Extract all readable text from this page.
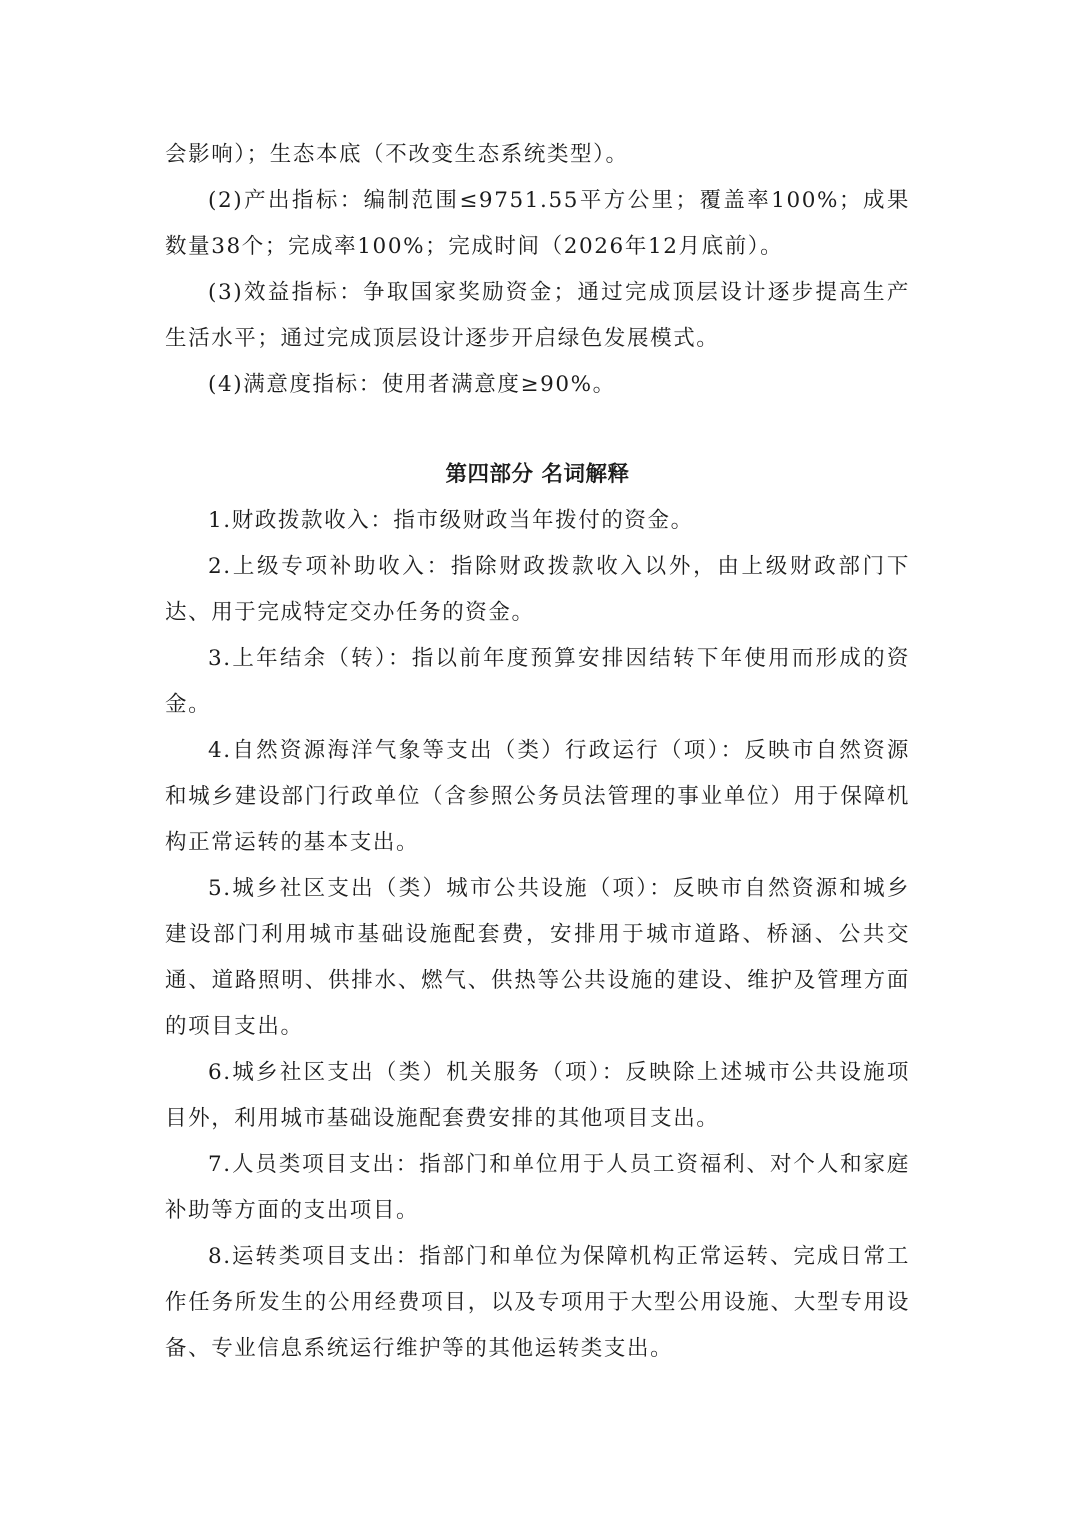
会影响）；生态本底（不改变生态系统类型）。

(2)产出指标：编制范围≤9751.55平方公里；覆盖率100%；成果数量38个；完成率100%；完成时间（2026年12月底前）。

(3)效益指标：争取国家奖励资金；通过完成顶层设计逐步提高生产生活水平；通过完成顶层设计逐步开启绿色发展模式。

(4)满意度指标：使用者满意度≥90%。

第四部分 名词解释

1.财政拨款收入：指市级财政当年拨付的资金。

2.上级专项补助收入：指除财政拨款收入以外，由上级财政部门下达、用于完成特定交办任务的资金。

3.上年结余（转）：指以前年度预算安排因结转下年使用而形成的资金。

4.自然资源海洋气象等支出（类）行政运行（项）：反映市自然资源和城乡建设部门行政单位（含参照公务员法管理的事业单位）用于保障机构正常运转的基本支出。

5.城乡社区支出（类）城市公共设施（项）：反映市自然资源和城乡建设部门利用城市基础设施配套费，安排用于城市道路、桥涵、公共交通、道路照明、供排水、燃气、供热等公共设施的建设、维护及管理方面的项目支出。

6.城乡社区支出（类）机关服务（项）：反映除上述城市公共设施项目外，利用城市基础设施配套费安排的其他项目支出。

7.人员类项目支出：指部门和单位用于人员工资福利、对个人和家庭补助等方面的支出项目。

8.运转类项目支出：指部门和单位为保障机构正常运转、完成日常工作任务所发生的公用经费项目，以及专项用于大型公用设施、大型专用设备、专业信息系统运行维护等的其他运转类支出。
